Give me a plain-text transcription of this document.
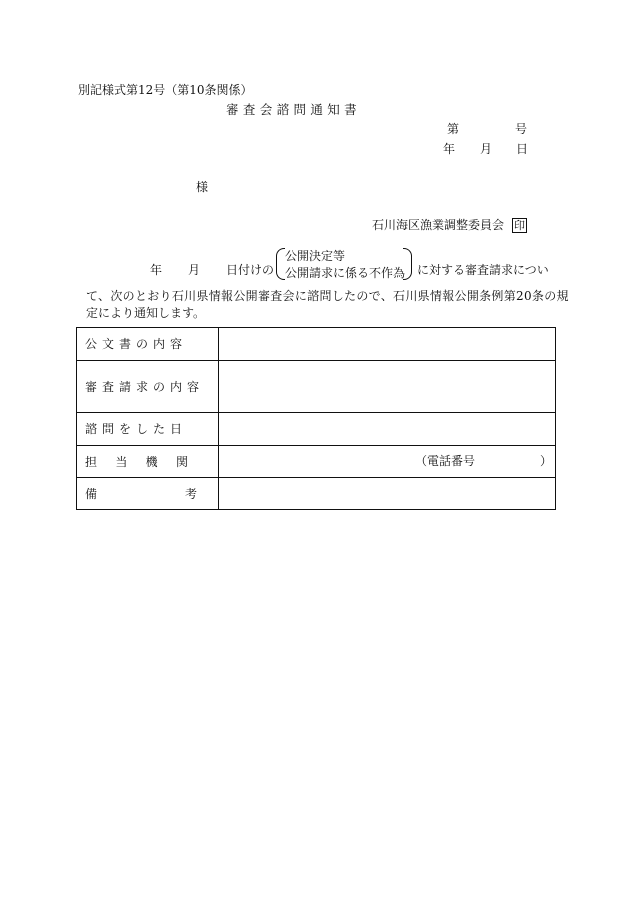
別記様式第12号（第10条関係）
審 査 会 諮 問 通 知 書
第	号
年 月 日
様
石川海区漁業調整委員会 印
年 月 日付けの
公開決定等
公開請求に係る不作為 に対する審査請求につい
て、次のとおり石川県情報公開審査会に諮問したので、石川県情報公開条例第20条の規
定により通知します。
公文書の内容	
審査請求の内容	
諮問をした日	

担 当 機 関	（電話番号 ）

備 考	
